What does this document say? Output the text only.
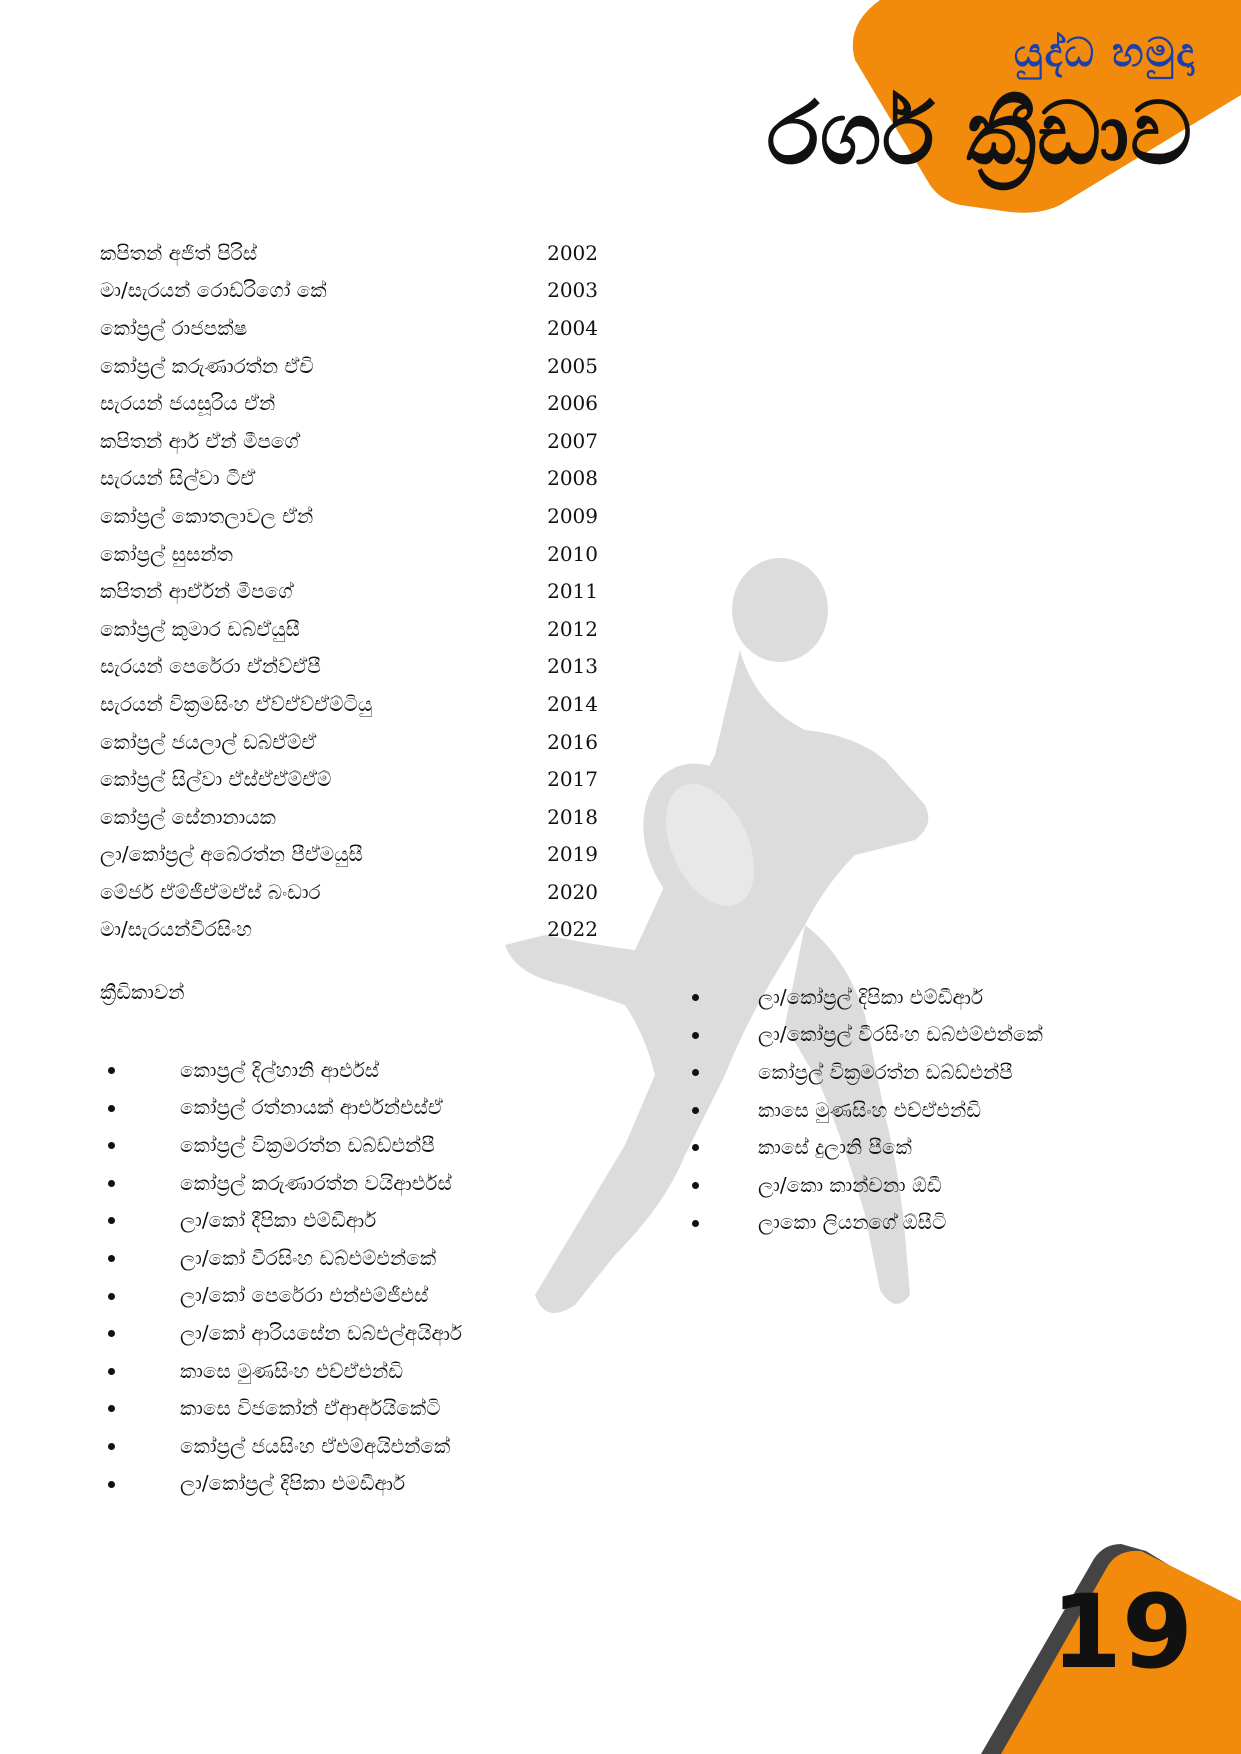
යුද්ධ හමුදා
රගර් ක්‍රීඩාව
කපිතන් අජිත් පිරිස්	2002
මා/සැරයන් රොඩ්රිගෝ කේ	2003
කෝප්‍රල් රාජපක්ෂ	2004
කෝප්‍රල් කරුණාරත්න ඒචි	2005
සැරයන් ජයසූරිය ඒන්	2006
කපිතන් ආර් ඒන් මීපගේ	2007
සැරයන් සිල්වා ටීඒ	2008
කෝප්‍රල් කොතලාවල ඒන්	2009
කෝප්‍රල් සුසන්ත	2010
කපිතන් ආර්ඒන් මීපගේ	2011
කෝප්‍රල් කුමාර ඩබ්ඒයුසී	2012
සැරයන් පෙරේරා ඒන්ව්ඒපී	2013
සැරයන් වික්‍රමසිංහ ඒව්ඒව්ඒම්ටියු	2014
කෝප්‍රල් ජයලාල් ඩබ්ඒම්ඒ	2016
කෝප්‍රල් සිල්වා ඒස්ඒඒම්ඒම්	2017
කෝප්‍රල් සේනානායක	2018
ලා/කෝප්‍රල් අබේරත්න පීඒමයුසී	2019
මේජර් ඒම්ජීඒමඒස් බංඩාර	2020
මා/සැරයන්වීරසිංහ	2022
ක්‍රීඩිකාවන්
කොප්‍රල් දිල්හානි ආර්එස්
කෝප්‍රල් රත්නායක් ආර්එන්එස්ඒ
කෝප්‍රල් වික්‍රමරත්න ඩබ්ඩ්එන්පී
කෝප්‍රල් කරුණාරත්න වයිආර්එස්
ලා/කෝ දීපිකා එම්ඩීආර්
ලා/කෝ වීරසිංහ ඩබ්එම්එන්කේ
ලා/කෝ පෙරේරා එන්එම්ජීඑස්
ලා/කෝ ආරියසේන ඩබ්එල්අයිආර්
කාසෙ මුණසිංහ එච්ඒඑන්ඩි
කාසෙ විජකෝන් ඒආර්අයිකේටි
කෝප්‍රල් ජයසිංහ ඒඑම්අයිඑන්කේ
ලා/කෝප්‍රල් දිපිකා එමඩීආර්
ලා/කෝප්‍රල් දිපිකා එම්ඩීආර්
ලා/කෝප්‍රල් වීරසිංහ ඩබ්එම්එන්කේ
කෝප්‍රල් වික්‍රමරත්න ඩබ්ඩ්එන්පී
කාසෙ මුණසිංහ එච්ඒඑන්ඩි
කාසේ දුලානි පීකේ
ලා/කො කාන්චනා ඕඩී
ලාකො ලියනගේ ඕසීටි
19
